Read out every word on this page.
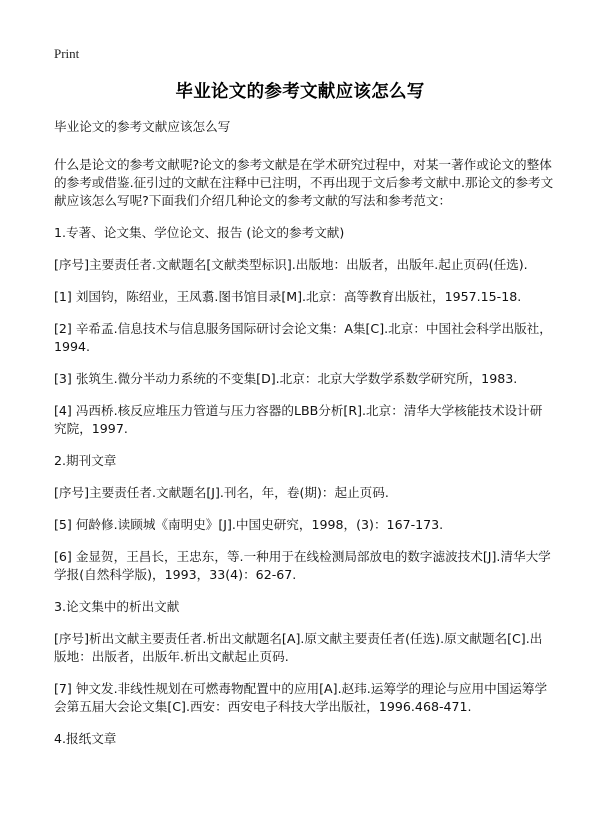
Print
毕业论文的参考文献应该怎么写

毕业论文的参考文献应该怎么写

什么是论文的参考文献呢?论文的参考文献是在学术研究过程中，对某一著作或论文的整体的参考或借鉴.征引过的文献在注释中已注明，不再出现于文后参考文献中.那论文的参考文献应该怎么写呢?下面我们介绍几种论文的参考文献的写法和参考范文：

1.专著、论文集、学位论文、报告 (论文的参考文献)

[序号]主要责任者.文献题名[文献类型标识].出版地：出版者，出版年.起止页码(任选).

[1] 刘国钧，陈绍业，王凤翥.图书馆目录[M].北京：高等教育出版社，1957.15-18.

[2] 辛希孟.信息技术与信息服务国际研讨会论文集：A集[C].北京：中国社会科学出版社，1994.

[3] 张筑生.微分半动力系统的不变集[D].北京：北京大学数学系数学研究所，1983.

[4] 冯西桥.核反应堆压力管道与压力容器的LBB分析[R].北京：清华大学核能技术设计研究院，1997.

2.期刊文章

[序号]主要责任者.文献题名[J].刊名，年，卷(期)：起止页码.

[5] 何龄修.读顾城《南明史》[J].中国史研究，1998，(3)：167-173.

[6] 金显贺，王昌长，王忠东，等.一种用于在线检测局部放电的数字滤波技术[J].清华大学学报(自然科学版)，1993，33(4)：62-67.

3.论文集中的析出文献

[序号]析出文献主要责任者.析出文献题名[A].原文献主要责任者(任选).原文献题名[C].出版地：出版者，出版年.析出文献起止页码.

[7] 钟文发.非线性规划在可燃毒物配置中的应用[A].赵玮.运筹学的理论与应用中国运筹学会第五届大会论文集[C].西安：西安电子科技大学出版社，1996.468-471.

4.报纸文章
